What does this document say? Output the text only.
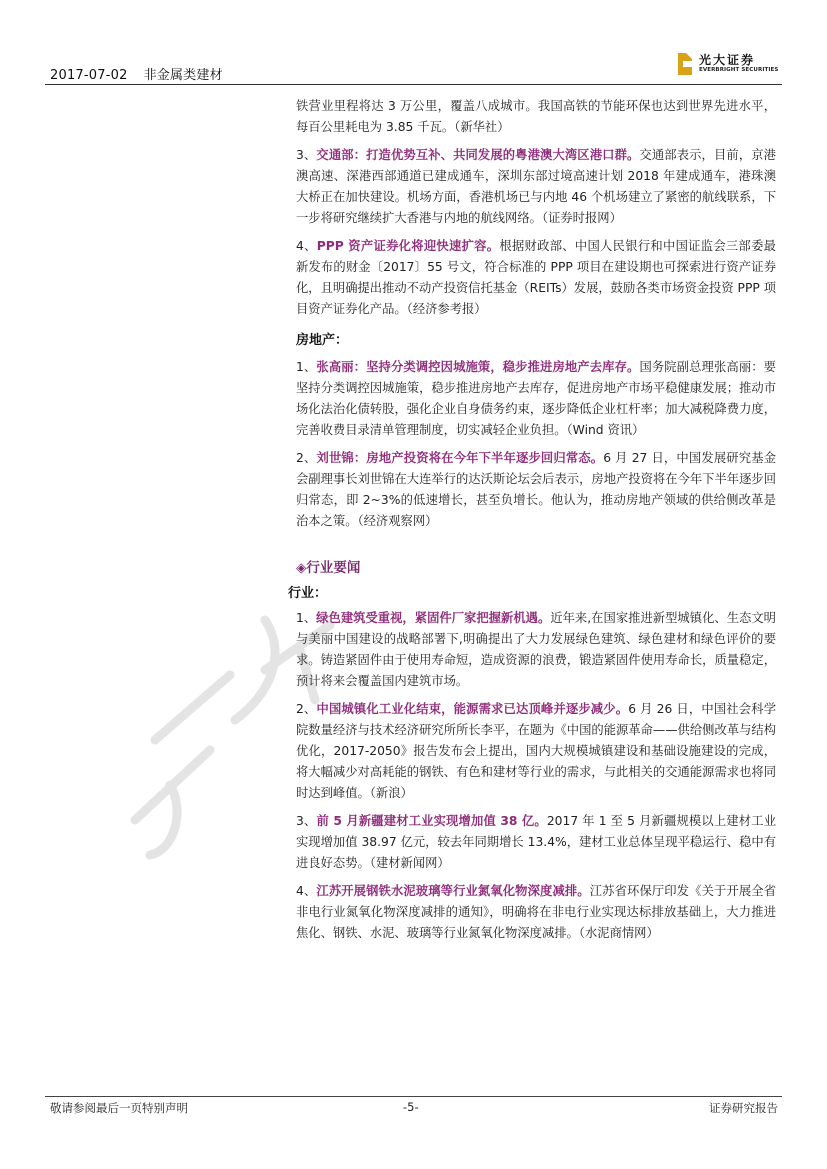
2017-07-02 非金属类建材
光大证券
EVERBRIGHT SECURITIES

铁营业里程将达 3 万公里，覆盖八成城市。我国高铁的节能环保也达到世界先进水平，每百公里耗电为 3.85 千瓦。（新华社）

3、交通部：打造优势互补、共同发展的粤港澳大湾区港口群。交通部表示，目前，京港澳高速、深港西部通道已建成通车，深圳东部过境高速计划 2018 年建成通车，港珠澳大桥正在加快建设。机场方面，香港机场已与内地 46 个机场建立了紧密的航线联系，下一步将研究继续扩大香港与内地的航线网络。（证券时报网）

4、PPP 资产证券化将迎快速扩容。根据财政部、中国人民银行和中国证监会三部委最新发布的财金〔2017〕55 号文，符合标准的 PPP 项目在建设期也可探索进行资产证券化，且明确提出推动不动产投资信托基金（REITs）发展，鼓励各类市场资金投资 PPP 项目资产证券化产品。（经济参考报）

房地产：

1、张高丽：坚持分类调控因城施策，稳步推进房地产去库存。国务院副总理张高丽：要坚持分类调控因城施策，稳步推进房地产去库存，促进房地产市场平稳健康发展；推动市场化法治化债转股，强化企业自身债务约束，逐步降低企业杠杆率；加大减税降费力度，完善收费目录清单管理制度，切实减轻企业负担。（Wind 资讯）

2、刘世锦：房地产投资将在今年下半年逐步回归常态。6 月 27 日，中国发展研究基金会副理事长刘世锦在大连举行的达沃斯论坛会后表示，房地产投资将在今年下半年逐步回归常态，即 2~3%的低速增长，甚至负增长。他认为，推动房地产领域的供给侧改革是治本之策。（经济观察网）

◈行业要闻
行业：

1、绿色建筑受重视，紧固件厂家把握新机遇。近年来,在国家推进新型城镇化、生态文明与美丽中国建设的战略部署下,明确提出了大力发展绿色建筑、绿色建材和绿色评价的要求。铸造紧固件由于使用寿命短，造成资源的浪费，锻造紧固件使用寿命长，质量稳定，预计将来会覆盖国内建筑市场。

2、中国城镇化工业化结束，能源需求已达顶峰并逐步减少。6 月 26 日，中国社会科学院数量经济与技术经济研究所所长李平，在题为《中国的能源革命——供给侧改革与结构优化，2017-2050》报告发布会上提出，国内大规模城镇建设和基础设施建设的完成，将大幅减少对高耗能的钢铁、有色和建材等行业的需求，与此相关的交通能源需求也将同时达到峰值。（新浪）

3、前 5 月新疆建材工业实现增加值 38 亿。2017 年 1 至 5 月新疆规模以上建材工业实现增加值 38.97 亿元，较去年同期增长 13.4%，建材工业总体呈现平稳运行、稳中有进良好态势。（建材新闻网）

4、江苏开展钢铁水泥玻璃等行业氮氧化物深度减排。江苏省环保厅印发《关于开展全省非电行业氮氧化物深度减排的通知》，明确将在非电行业实现达标排放基础上，大力推进焦化、钢铁、水泥、玻璃等行业氮氧化物深度减排。（水泥商情网）

敬请参阅最后一页特别声明	-5-	证券研究报告
